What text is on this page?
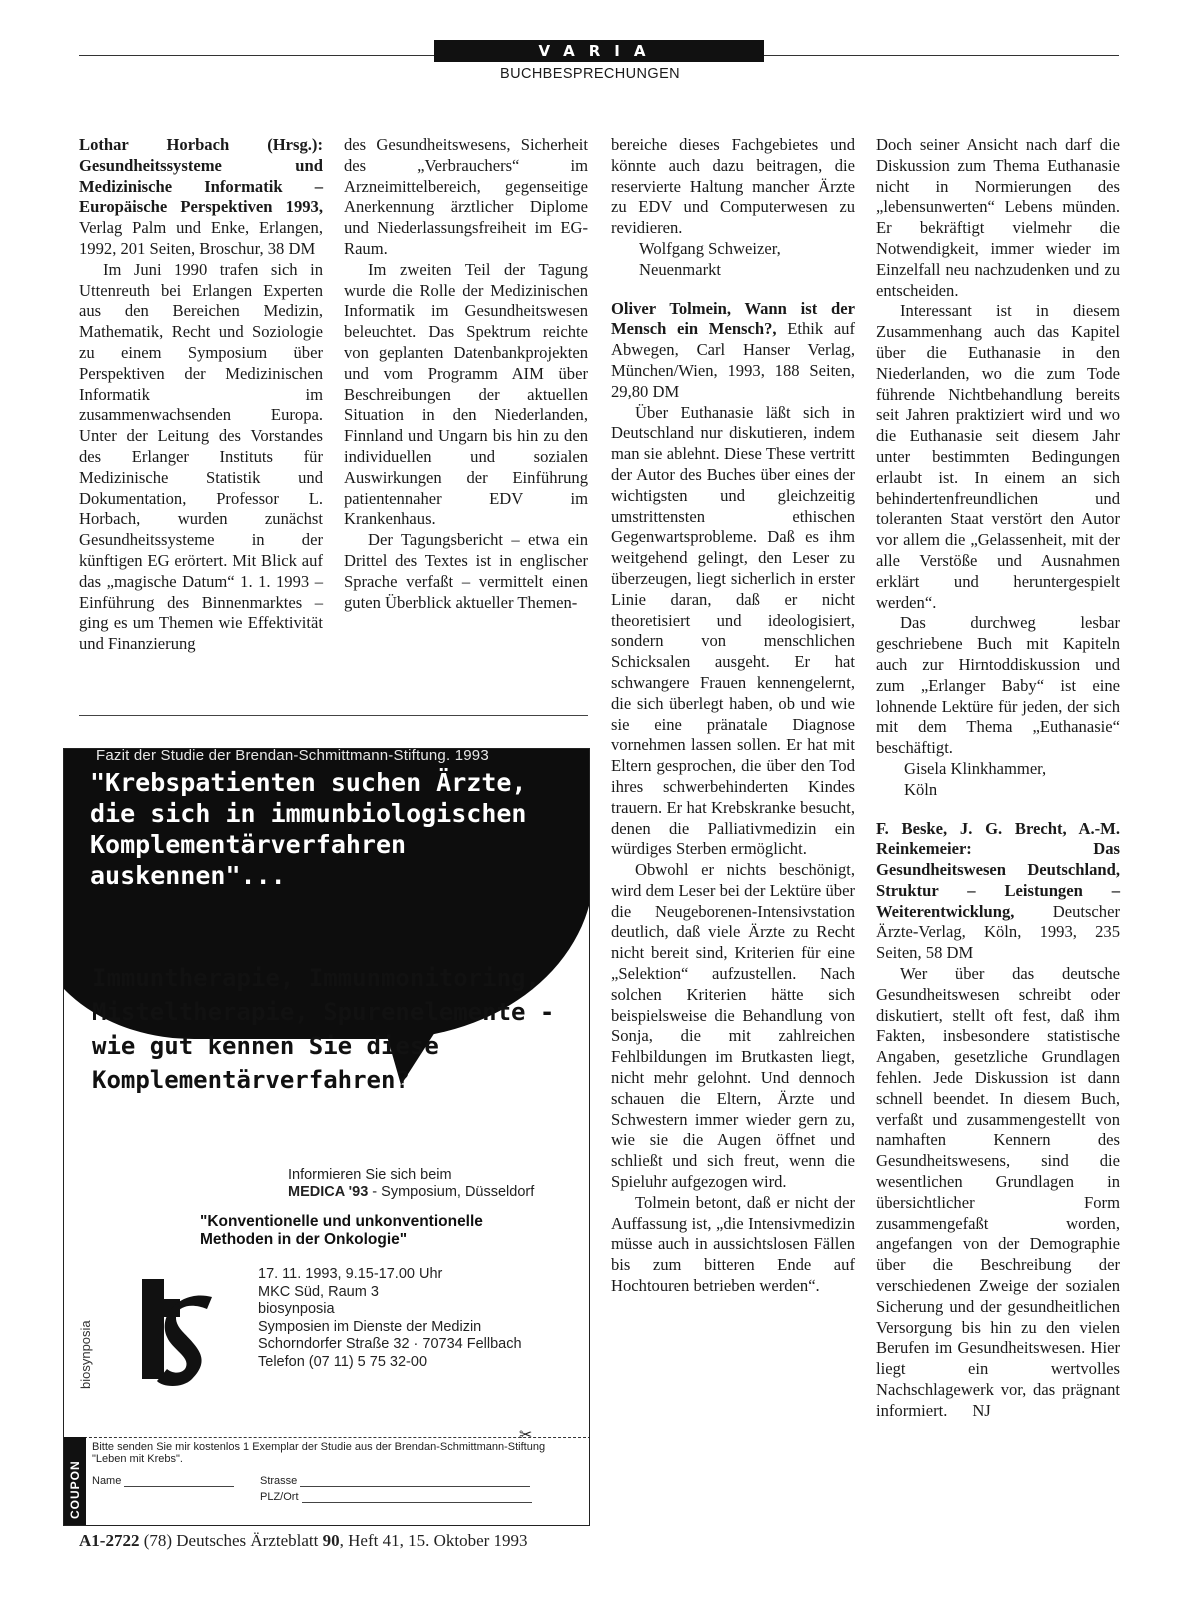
VARIA
BUCHBESPRECHUNGEN

Lothar Horbach (Hrsg.): Gesundheitssysteme und Medizinische Informatik – Europäische Perspektiven 1993, Verlag Palm und Enke, Erlangen, 1992, 201 Seiten, Broschur, 38 DM

Im Juni 1990 trafen sich in Uttenreuth bei Erlangen Experten aus den Bereichen Medizin, Mathematik, Recht und Soziologie zu einem Symposium über Perspektiven der Medizinischen Informatik im zusammenwachsenden Europa. Unter der Leitung des Vorstandes des Erlanger Instituts für Medizinische Statistik und Dokumentation, Professor L. Horbach, wurden zunächst Gesundheitssysteme in der künftigen EG erörtert. Mit Blick auf das „magische Datum“ 1. 1. 1993 – Einführung des Binnenmarktes – ging es um Themen wie Effektivität und Finanzierung

des Gesundheitswesens, Sicherheit des „Verbrauchers“ im Arzneimittelbereich, gegenseitige Anerkennung ärztlicher Diplome und Niederlassungsfreiheit im EG-Raum.

Im zweiten Teil der Tagung wurde die Rolle der Medizinischen Informatik im Gesundheitswesen beleuchtet. Das Spektrum reichte von geplanten Datenbankprojekten und vom Programm AIM über Beschreibungen der aktuellen Situation in den Niederlanden, Finnland und Ungarn bis hin zu den individuellen und sozialen Auswirkungen der Einführung patientennaher EDV im Krankenhaus.

Der Tagungsbericht – etwa ein Drittel des Textes ist in englischer Sprache verfaßt – vermittelt einen guten Überblick aktueller Themen-

bereiche dieses Fachgebietes und könnte auch dazu beitragen, die reservierte Haltung mancher Ärzte zu EDV und Computerwesen zu revidieren.

Wolfgang Schweizer,

Neuenmarkt

Oliver Tolmein, Wann ist der Mensch ein Mensch?, Ethik auf Abwegen, Carl Hanser Verlag, München/Wien, 1993, 188 Seiten, 29,80 DM

Über Euthanasie läßt sich in Deutschland nur diskutieren, indem man sie ablehnt. Diese These vertritt der Autor des Buches über eines der wichtigsten und gleichzeitig umstrittensten ethischen Gegenwartsprobleme. Daß es ihm weitgehend gelingt, den Leser zu überzeugen, liegt sicherlich in erster Linie daran, daß er nicht theoretisiert und ideologisiert, sondern von menschlichen Schicksalen ausgeht. Er hat schwangere Frauen kennengelernt, die sich überlegt haben, ob und wie sie eine pränatale Diagnose vornehmen lassen sollen. Er hat mit Eltern gesprochen, die über den Tod ihres schwerbehinderten Kindes trauern. Er hat Krebskranke besucht, denen die Palliativmedizin ein würdiges Sterben ermöglicht.

Obwohl er nichts beschönigt, wird dem Leser bei der Lektüre über die Neugeborenen-Intensivstation deutlich, daß viele Ärzte zu Recht nicht bereit sind, Kriterien für eine „Selektion“ aufzustellen. Nach solchen Kriterien hätte sich beispielsweise die Behandlung von Sonja, die mit zahlreichen Fehlbildungen im Brutkasten liegt, nicht mehr gelohnt. Und dennoch schauen die Eltern, Ärzte und Schwestern immer wieder gern zu, wie sie die Augen öffnet und schließt und sich freut, wenn die Spieluhr aufgezogen wird.

Tolmein betont, daß er nicht der Auffassung ist, „die Intensivmedizin müsse auch in aussichtslosen Fällen bis zum bitteren Ende auf Hochtouren betrieben werden“.

Doch seiner Ansicht nach darf die Diskussion zum Thema Euthanasie nicht in Normierungen des „lebensunwerten“ Lebens münden. Er bekräftigt vielmehr die Notwendigkeit, immer wieder im Einzelfall neu nachzudenken und zu entscheiden.

Interessant ist in diesem Zusammenhang auch das Kapitel über die Euthanasie in den Niederlanden, wo die zum Tode führende Nichtbehandlung bereits seit Jahren praktiziert wird und wo die Euthanasie seit diesem Jahr unter bestimmten Bedingungen erlaubt ist. In einem an sich behindertenfreundlichen und toleranten Staat verstört den Autor vor allem die „Gelassenheit, mit der alle Verstöße und Ausnahmen erklärt und heruntergespielt werden“.

Das durchweg lesbar geschriebene Buch mit Kapiteln auch zur Hirntoddiskussion und zum „Erlanger Baby“ ist eine lohnende Lektüre für jeden, der sich mit dem Thema „Euthanasie“ beschäftigt.

Gisela Klinkhammer,

Köln

F. Beske, J. G. Brecht, A.-M. Reinkemeier: Das Gesundheitswesen Deutschland, Struktur – Leistungen – Weiterentwicklung, Deutscher Ärzte-Verlag, Köln, 1993, 235 Seiten, 58 DM

Wer über das deutsche Gesundheitswesen schreibt oder diskutiert, stellt oft fest, daß ihm Fakten, insbesondere statistische Angaben, gesetzliche Grundlagen fehlen. Jede Diskussion ist dann schnell beendet. In diesem Buch, verfaßt und zusammengestellt von namhaften Kennern des Gesundheitswesens, sind die wesentlichen Grundlagen in übersichtlicher Form zusammengefaßt worden, angefangen von der Demographie über die Beschreibung der verschiedenen Zweige der sozialen Sicherung und der gesundheitlichen Versorgung bis hin zu den vielen Berufen im Gesundheitswesen. Hier liegt ein wertvolles Nachschlagewerk vor, das prägnant informiert. NJ

Fazit der Studie der Brendan-Schmittmann-Stiftung. 1993
"Krebspatienten suchen Ärzte, die sich in immunbiologischen Komplementärverfahren auskennen"...
Immuntherapie, Immunmonitoring, Misteltherapie, Spurenelemente - wie gut kennen Sie diese Komplementärverfahren?
Informieren Sie sich beim
MEDICA '93 - Symposium, Düsseldorf
"Konventionelle und unkonventionelle Methoden in der Onkologie"
biosynposia
17. 11. 1993, 9.15-17.00 Uhr
MKC Süd, Raum 3
biosynposia
Symposien im Dienste der Medizin
Schorndorfer Straße 32 · 70734 Fellbach
Telefon (07 11) 5 75 32-00
✂
COUPON
Bitte senden Sie mir kostenlos 1 Exemplar der Studie aus der Brendan-Schmittmann-Stiftung "Leben mit Krebs".
Name	Strasse
PLZ/Ort
A1-2722 (78) Deutsches Ärzteblatt 90, Heft 41, 15. Oktober 1993
